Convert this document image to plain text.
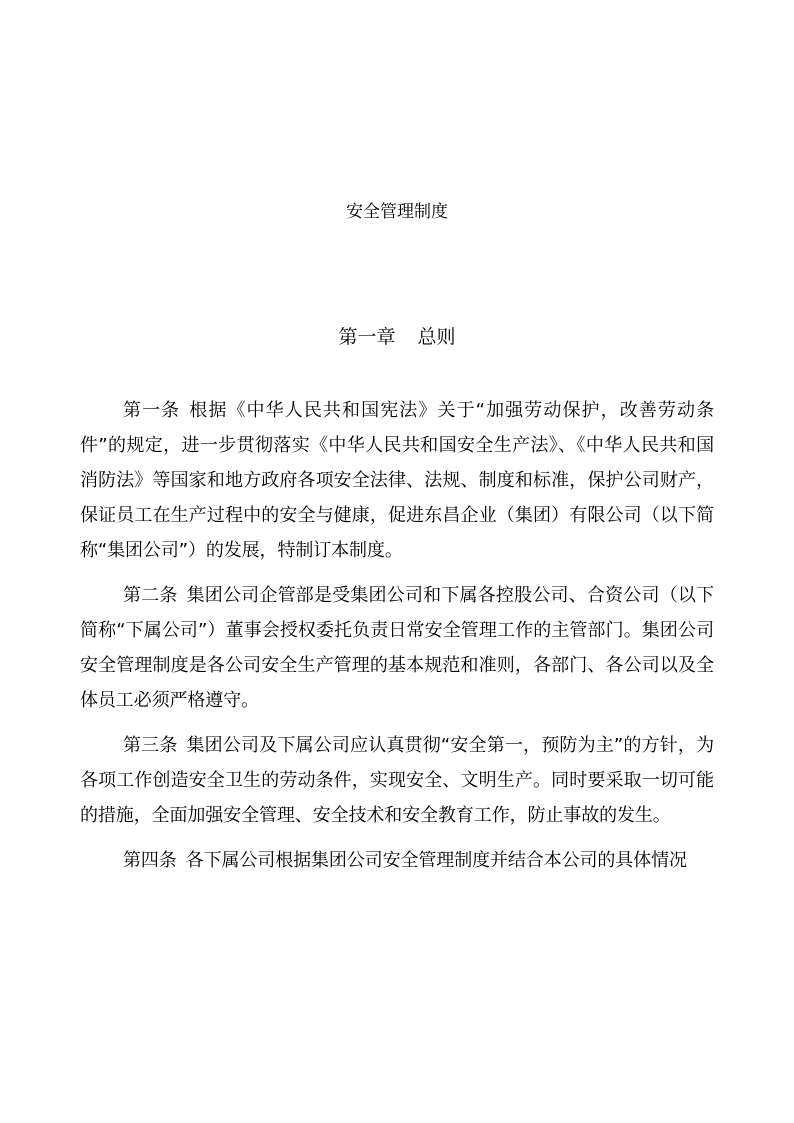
安全管理制度
第一章 总则

第一条 根据《中华人民共和国宪法》关于“加强劳动保护，改善劳动条件”的规定，进一步贯彻落实《中华人民共和国安全生产法》、《中华人民共和国消防法》等国家和地方政府各项安全法律、法规、制度和标准，保护公司财产，保证员工在生产过程中的安全与健康，促进东昌企业（集团）有限公司（以下简称“集团公司”）的发展，特制订本制度。

第二条 集团公司企管部是受集团公司和下属各控股公司、合资公司（以下简称“下属公司”）董事会授权委托负责日常安全管理工作的主管部门。集团公司安全管理制度是各公司安全生产管理的基本规范和准则，各部门、各公司以及全体员工必须严格遵守。

第三条 集团公司及下属公司应认真贯彻“安全第一，预防为主”的方针，为各项工作创造安全卫生的劳动条件，实现安全、文明生产。同时要采取一切可能的措施，全面加强安全管理、安全技术和安全教育工作，防止事故的发生。

第四条 各下属公司根据集团公司安全管理制度并结合本公司的具体情况
